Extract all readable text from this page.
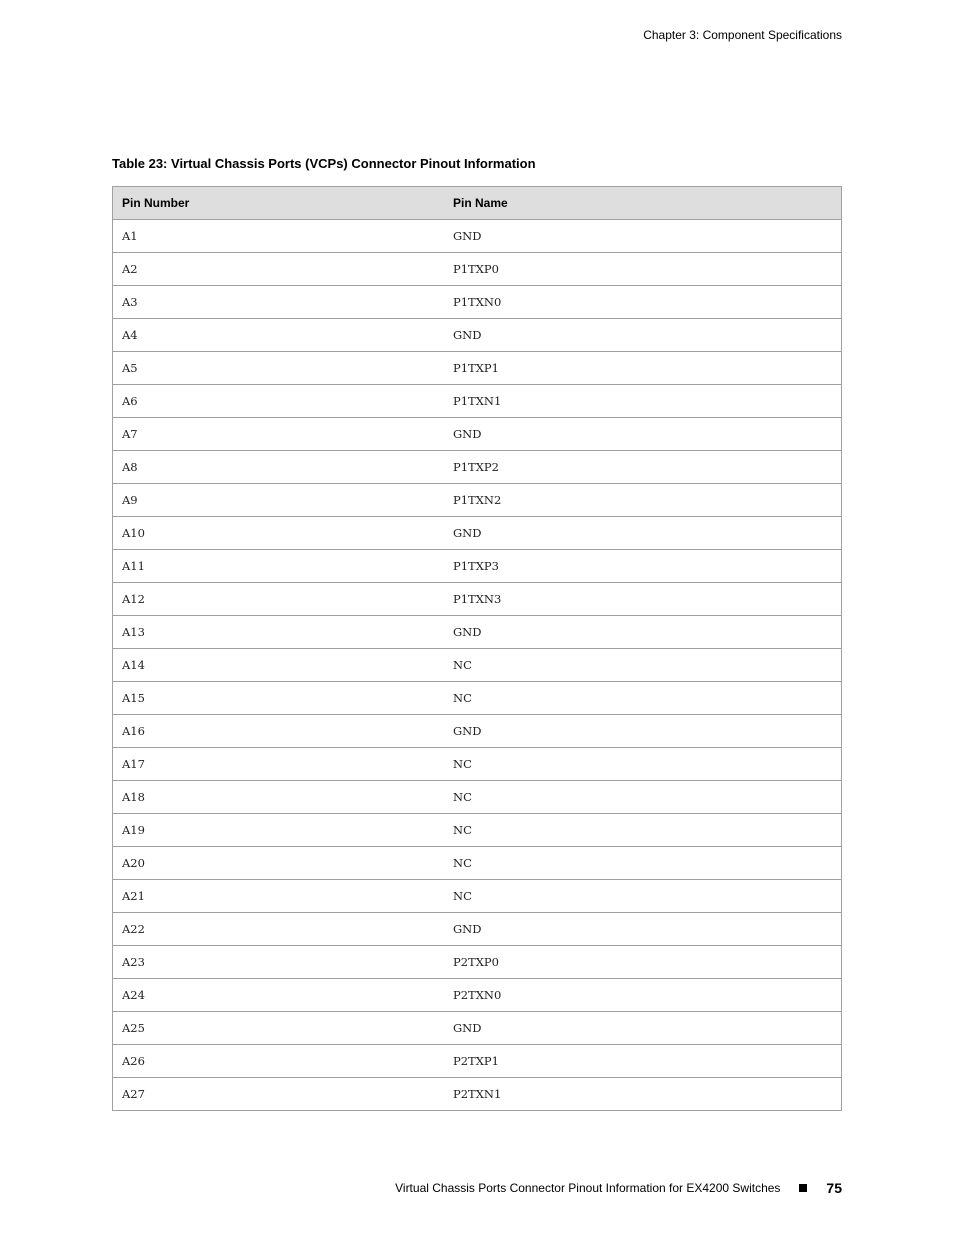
Chapter 3: Component Specifications
Table 23: Virtual Chassis Ports (VCPs) Connector Pinout Information
Pin Number	Pin Name
A1	GND
A2	P1TXP0
A3	P1TXN0
A4	GND
A5	P1TXP1
A6	P1TXN1
A7	GND
A8	P1TXP2
A9	P1TXN2
A10	GND
A11	P1TXP3
A12	P1TXN3
A13	GND
A14	NC
A15	NC
A16	GND
A17	NC
A18	NC
A19	NC
A20	NC
A21	NC
A22	GND
A23	P2TXP0
A24	P2TXN0
A25	GND
A26	P2TXP1
A27	P2TXN1
Virtual Chassis Ports Connector Pinout Information for EX4200 Switches	75
